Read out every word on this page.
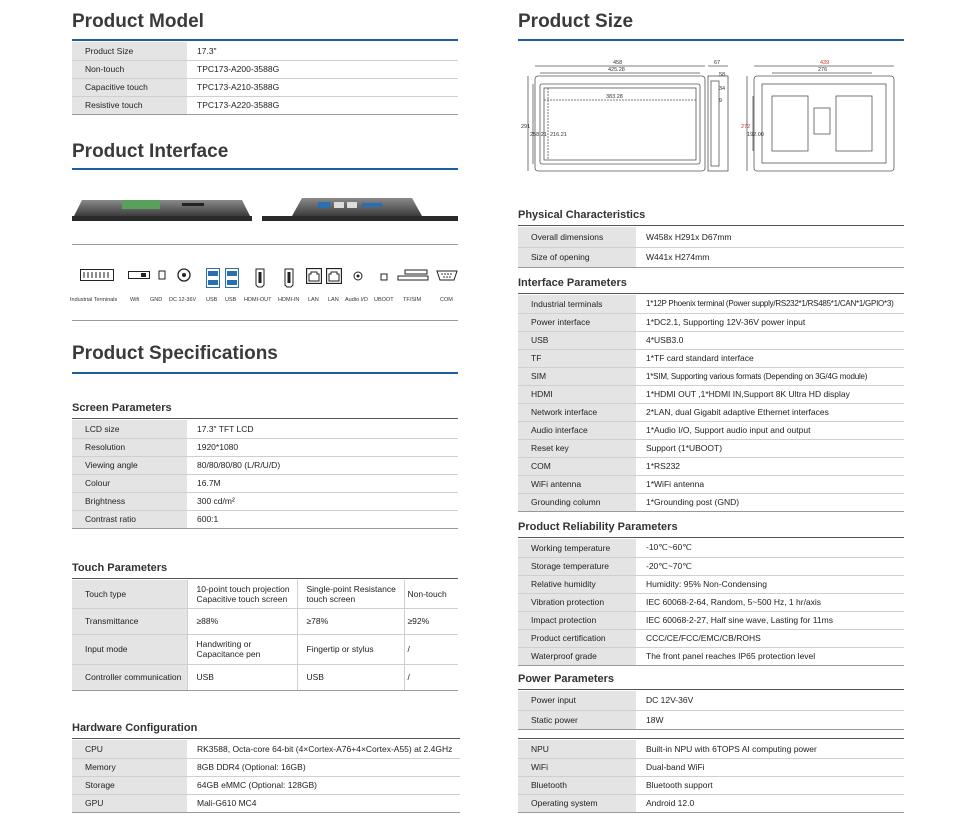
Product Model
Product Size	17.3"
Non-touch	TPC173-A200-3588G
Capacitive touch	TPC173-A210-3588G
Resistive touch	TPC173-A220-3588G
Product Interface
Industrial Terminals Wifi GND DC 12-36V USB USB HDMI-OUT HDMI-IN LAN LAN Audio I/O UBOOT TF/SIM	COM
Product Specifications
Screen Parameters
LCD size	17.3" TFT LCD
Resolution	1920*1080
Viewing angle	80/80/80/80 (L/R/U/D)
Colour	16.7M
Brightness	300 cd/m²
Contrast ratio	600:1
Touch Parameters
Touch type	10-point touch projection Capacitive touch screen	Single-point Resistance touch screen	Non-touch
Transmittance	≥88%	≥78%	≥92%
Input mode	Handwriting or Capacitance pen	Fingertip or stylus	/
Controller communication	USB	USB	/
Hardware Configuration
CPU	RK3588, Octa-core 64-bit (4×Cortex-A76+4×Cortex-A55) at 2.4GHz
Memory	8GB DDR4 (Optional: 16GB)
Storage	64GB eMMC (Optional: 128GB)
GPU	Mali-G610 MC4
NPU	Built-in NPU with 6TOPS AI computing power
WiFi	Dual-band WiFi
Bluetooth	Bluetooth support
Operating system	Android 12.0
Product Size
458
425.28
383.28
291
258.21 216.21
67
58
34
9
439
276
272
192.00
Physical Characteristics
Overall dimensions	W458x H291x D67mm
Size of opening	W441x H274mm
Interface Parameters
Industrial terminals	1*12P Phoenix terminal (Power supply/RS232*1/RS485*1/CAN*1/GPIO*3)
Power interface	1*DC2.1, Supporting 12V-36V power input
USB	4*USB3.0
TF	1*TF card standard interface
SIM	1*SIM, Supporting various formats (Depending on 3G/4G module)
HDMI	1*HDMI OUT ,1*HDMI IN,Support 8K Ultra HD display
Network interface	2*LAN, dual Gigabit adaptive Ethernet interfaces
Audio interface	1*Audio I/O, Support audio input and output
Reset key	Support (1*UBOOT)
COM	1*RS232
WiFi antenna	1*WiFi antenna
Grounding column	1*Grounding post (GND)
Product Reliability Parameters
Working temperature	-10℃~60℃
Storage temperature	-20℃~70℃
Relative humidity	Humidity: 95% Non-Condensing
Vibration protection	IEC 60068-2-64, Random, 5~500 Hz, 1 hr/axis
Impact protection	IEC 60068-2-27, Half sine wave, Lasting for 11ms
Product certification	CCC/CE/FCC/EMC/CB/ROHS
Waterproof grade	The front panel reaches IP65 protection level
Power Parameters
Power input	DC 12V-36V
Static power	18W
